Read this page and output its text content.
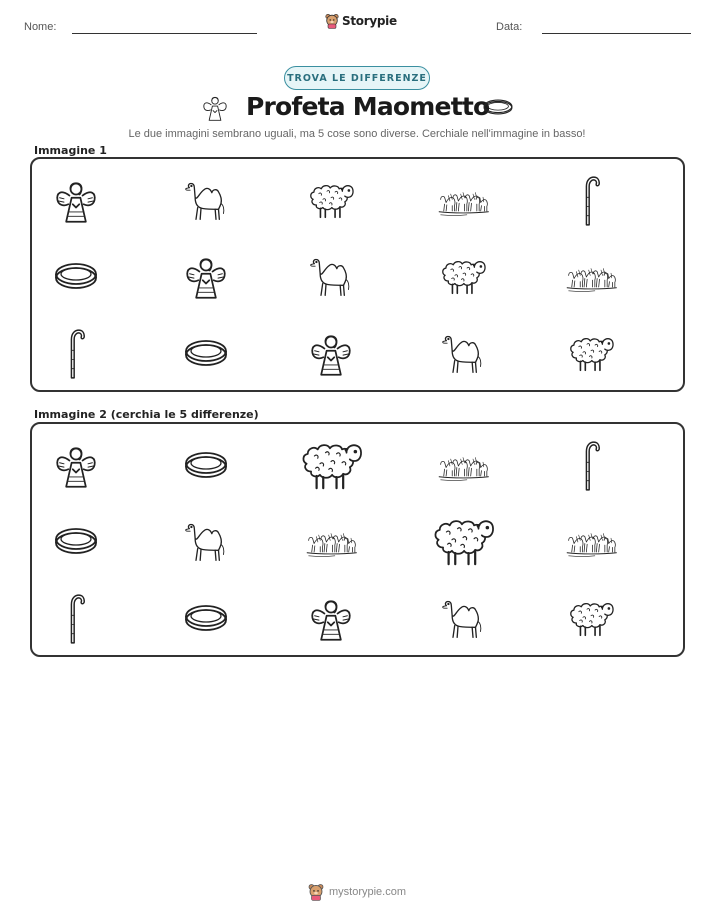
Nome:	Storypie	Data:
TROVA LE DIFFERENZE
Profeta Maometto
Le due immagini sembrano uguali, ma 5 cose sono diverse. Cerchiale nell'immagine in basso!
Immagine 1
Immagine 2 (cerchia le 5 differenze)
mystorypie.com
